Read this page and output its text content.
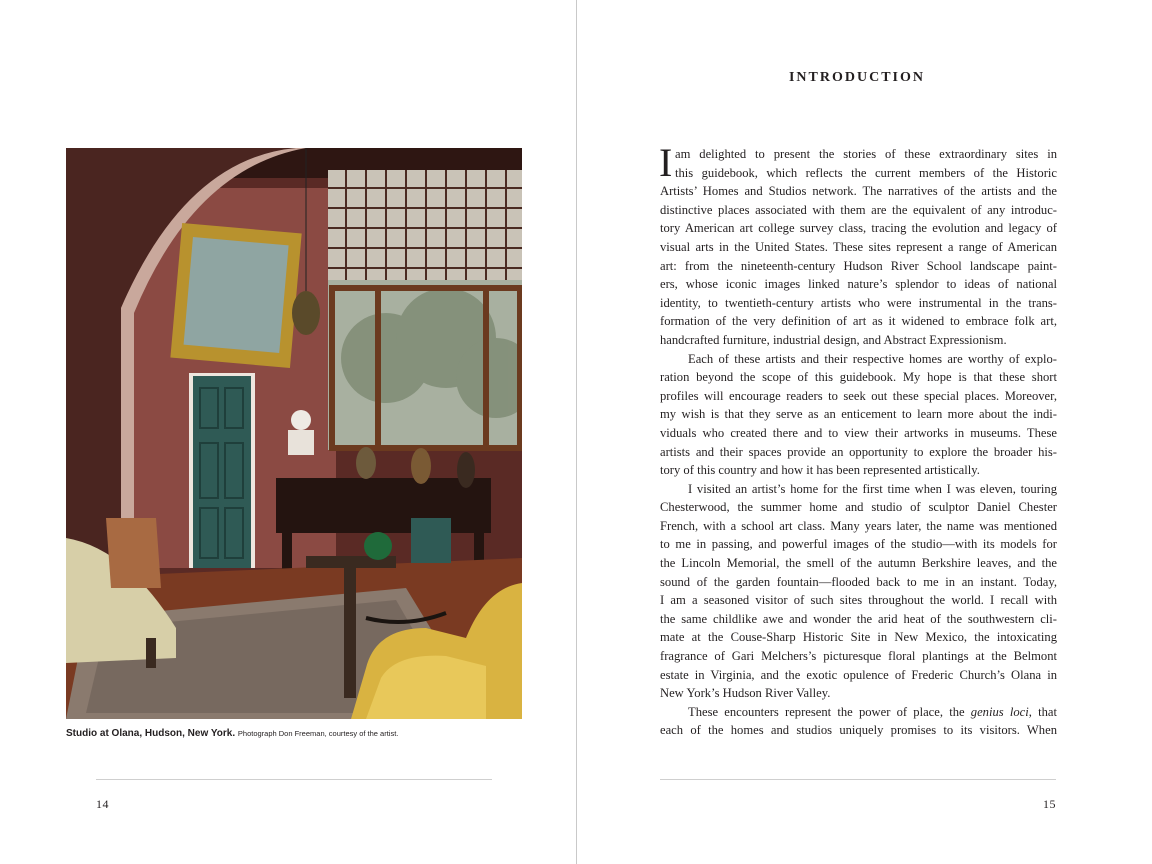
Studio at Olana, Hudson, New York. Photograph Don Freeman, courtesy of the artist.
14
INTRODUCTION
I am delighted to present the stories of these extraordinary sites in
this guidebook, which reflects the current members of the Historic
Artists’ Homes and Studios network. The narratives of the artists and the
distinctive places associated with them are the equivalent of any introduc-
tory American art college survey class, tracing the evolution and legacy of
visual arts in the United States. These sites represent a range of American
art: from the nineteenth-century Hudson River School landscape paint-
ers, whose iconic images linked nature’s splendor to ideas of national
identity, to twentieth-century artists who were instrumental in the trans-
formation of the very definition of art as it widened to embrace folk art,
handcrafted furniture, industrial design, and Abstract Expressionism.
Each of these artists and their respective homes are worthy of explo-
ration beyond the scope of this guidebook. My hope is that these short
profiles will encourage readers to seek out these special places. Moreover,
my wish is that they serve as an enticement to learn more about the indi-
viduals who created there and to view their artworks in museums. These
artists and their spaces provide an opportunity to explore the broader his-
tory of this country and how it has been represented artistically.
I visited an artist’s home for the first time when I was eleven, touring
Chesterwood, the summer home and studio of sculptor Daniel Chester
French, with a school art class. Many years later, the name was mentioned
to me in passing, and powerful images of the studio—with its models for
the Lincoln Memorial, the smell of the autumn Berkshire leaves, and the
sound of the garden fountain—flooded back to me in an instant. Today,
I am a seasoned visitor of such sites throughout the world. I recall with
the same childlike awe and wonder the arid heat of the southwestern cli-
mate at the Couse-Sharp Historic Site in New Mexico, the intoxicating
fragrance of Gari Melchers’s picturesque floral plantings at the Belmont
estate in Virginia, and the exotic opulence of Frederic Church’s Olana in
New York’s Hudson River Valley.
These encounters represent the power of place, the genius loci, that
each of the homes and studios uniquely promises to its visitors. When
15
